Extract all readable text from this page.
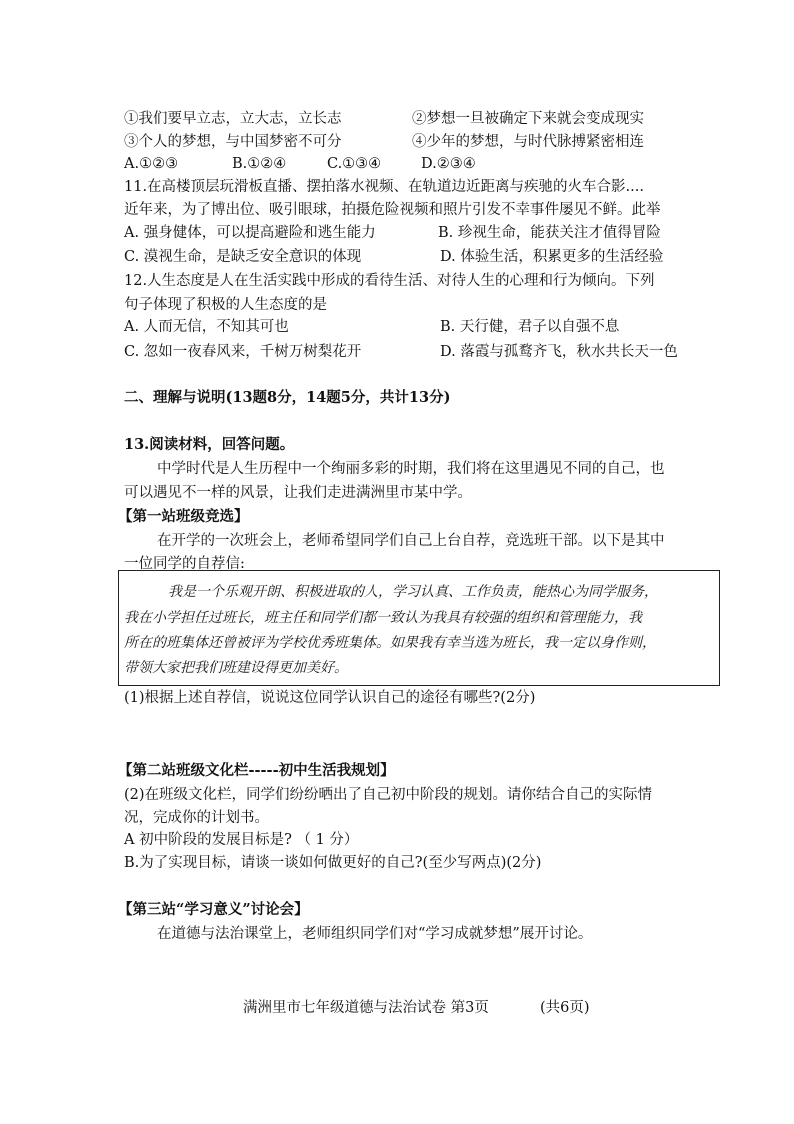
①我们要早立志，立大志，立长志	②梦想一旦被确定下来就会变成现实
③个人的梦想，与中国梦密不可分	④少年的梦想，与时代脉搏紧密相连
A.①②③	B.①②④	C.①③④	D.②③④
11.在高楼顶层玩滑板直播、摆拍落水视频、在轨道边近距离与疾驰的火车合影....
近年来，为了博出位、吸引眼球，拍摄危险视频和照片引发不幸事件屡见不鲜。此举
A. 强身健体，可以提高避险和逃生能力	B. 珍视生命，能获关注才值得冒险
C. 漠视生命，是缺乏安全意识的体现	D. 体验生活，积累更多的生活经验
12.人生态度是人在生活实践中形成的看待生活、对待人生的心理和行为倾向。下列
句子体现了积极的人生态度的是
A. 人而无信，不知其可也	B. 天行健，君子以自强不息
C. 忽如一夜春风来，千树万树梨花开	D. 落霞与孤鹜齐飞，秋水共长天一色
二、理解与说明(13题8分，14题5分，共计13分)
13.阅读材料，回答问题。
中学时代是人生历程中一个绚丽多彩的时期，我们将在这里遇见不同的自己，也
可以遇见不一样的风景，让我们走进满洲里市某中学。
【第一站班级竞选】
在开学的一次班会上，老师希望同学们自己上台自荐，竞选班干部。以下是其中
一位同学的自荐信:
我是一个乐观开朗、积极进取的人，学习认真、工作负责，能热心为同学服务，
我在小学担任过班长，班主任和同学们都一致认为我具有较强的组织和管理能力，我
所在的班集体还曾被评为学校优秀班集体。如果我有幸当选为班长，我一定以身作则，
带领大家把我们班建设得更加美好。
(1)根据上述自荐信，说说这位同学认识自己的途径有哪些?(2分)
【第二站班级文化栏-----初中生活我规划】
(2)在班级文化栏，同学们纷纷晒出了自己初中阶段的规划。请你结合自己的实际情
况，完成你的计划书。
A 初中阶段的发展目标是? （ 1 分）
B.为了实现目标，请谈一谈如何做更好的自己?(至少写两点)(2分)
【第三站“学习意义”讨论会】
在道德与法治课堂上，老师组织同学们对“学习成就梦想”展开讨论。
满洲里市七年级道德与法治试卷 第3页	(共6页)
